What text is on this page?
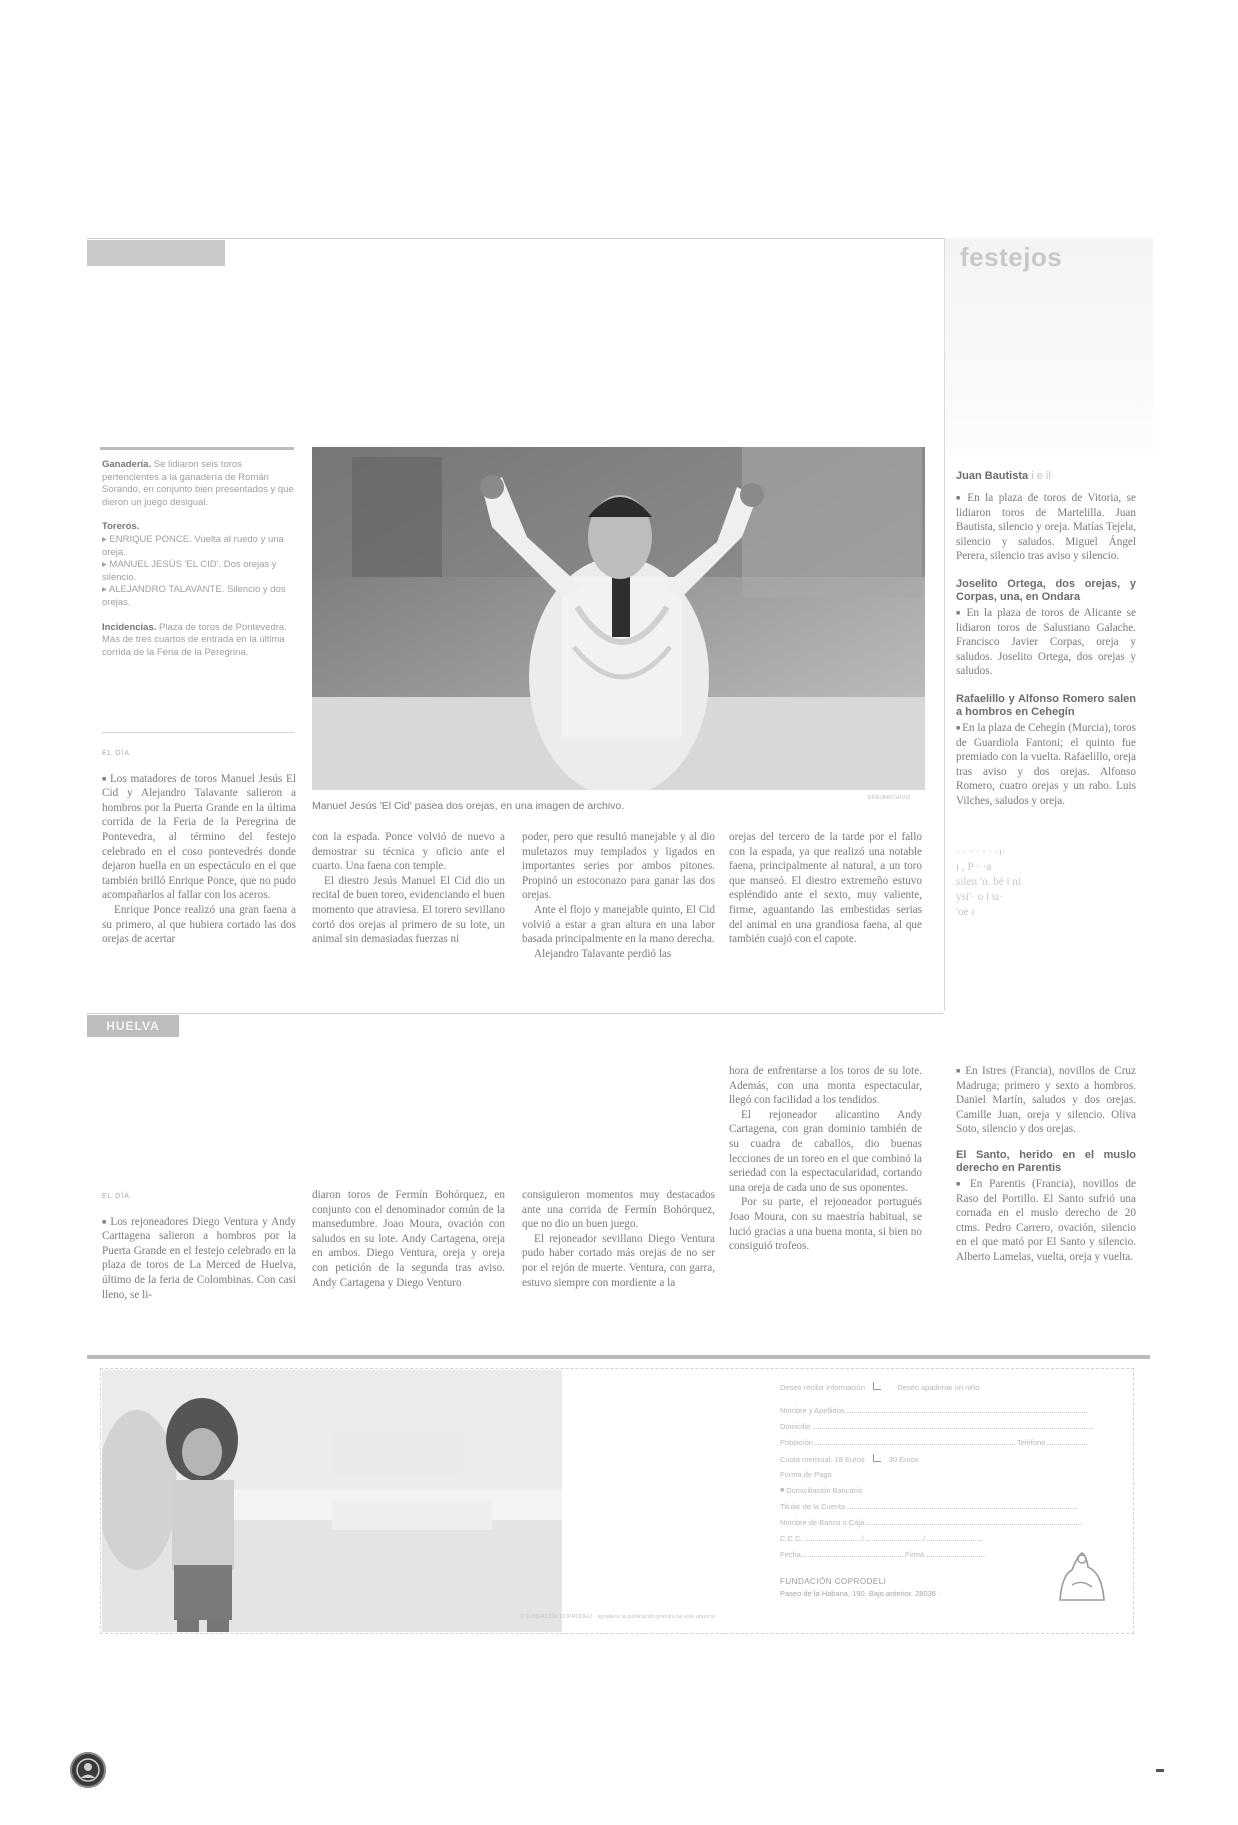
festejos
Ganadería. Se lidiaron seis toros pertencientes a la ganadería de Román Sorando, en conjunto bien presentados y que dieron un juego desigual.
Toreros.
▸ ENRIQUE PONCE. Vuelta al ruedo y una oreja.
▸ MANUEL JESÚS 'EL CID'. Dos orejas y silencio.
▸ ALEJANDRO TALAVANTE. Silencio y dos orejas.
Incidencias. Plaza de toros de Pontevedra. Más de tres cuartos de entrada en la última corrida de la Feria de la Peregrina.
Manuel Jesús 'El Cid' pasea dos orejas, en una imagen de archivo.
EFE/ARCHIVO
EL DÍA

■ Los matadores de toros Manuel Jesús El Cid y Alejandro Talavante salieron a hombros por la Puerta Grande en la última corrida de la Feria de la Peregrina de Pontevedra, al término del festejo celebrado en el coso pontevedrés donde dejaron huella en un espectáculo en el que también brilló Enrique Ponce, que no pudo acompañarlos al fallar con los aceros.

Enrique Ponce realizó una gran faena a su primero, al que hubiera cortado las dos orejas de acertar

con la espada. Ponce volvió de nuevo a demostrar su técnica y oficio ante el cuarto. Una faena con temple.

El diestro Jesús Manuel El Cid dio un recital de buen toreo, evidenciando el buen momento que atraviesa. El torero sevillano cortó dos orejas al primero de su lote, un animal sin demasiadas fuerzas ni

poder, pero que resultó manejable y al dio muletazos muy templados y ligados en importantes series por ambos pitones. Propinó un estoconazo para ganar las dos orejas.

Ante el flojo y manejable quinto, El Cid volvió a estar a gran altura en una labor basada principalmente en la mano derecha.

Alejandro Talavante perdió las

orejas del tercero de la tarde por el fallo con la espada, ya que realizó una notable faena, principalmente al natural, a un toro que manseó. El diestro extremeño estuvo espléndido ante el sexto, muy valiente, firme, aguantando las embestidas serias del animal en una grandiosa faena, al que también cuajó con el capote.

Juan Bautista i e il·

■ En la plaza de toros de Vitoria, se lidiaron toros de Martelilla. Juan Bautista, silencio y oreja. Matías Tejela, silencio y saludos. Miguel Ángel Perera, silencio tras aviso y silencio.

Joselito Ortega, dos orejas, y Corpas, una, en Ondara

■ En la plaza de toros de Alicante se lidiaron toros de Salustiano Galache. Francisco Javier Corpas, oreja y saludos. Joselito Ortega, dos orejas y saludos.

Rafaelillo y Alfonso Romero salen a hombros en Cehegín

■ En la plaza de Cehegín (Murcia), toros de Guardiola Fantoni; el quinto fue premiado con la vuelta. Rafaelillo, oreja tras aviso y dos orejas. Alfonso Romero, cuatro orejas y un rabo. Luis Vilches, saludos y oreja.

· · · · · · ·ı·
ı , P · ·a
silen 'o. bé i ni
ysi'· o i sı·
'oe ı
HUELVA
EL DÍA

■ Los rejoneadores Diego Ventura y Andy Carttagena salieron a hombros por la Puerta Grande en el festejo celebrado en la plaza de toros de La Merced de Huelva, último de la feria de Colombinas. Con casi lleno, se li-

diaron toros de Fermín Bohórquez, en conjunto con el denominador común de la mansedumbre. Joao Moura, ovación con saludos en su lote. Andy Cartagena, oreja en ambos. Diego Ventura, oreja y oreja con petición de la segunda tras aviso. Andy Cartagena y Diego Venturo

consiguieron momentos muy destacados ante una corrida de Fermín Bohórquez, que no dio un buen juego.

El rejoneador sevillano Diego Ventura pudo haber cortado más orejas de no ser por el rejón de muerte. Ventura, con garra, estuvo siempre con mordiente a la

hora de enfrentarse a los toros de su lote. Además, con una monta espectacular, llegó con facilidad a los tendidos.

El rejoneador alicantino Andy Cartagena, con gran dominio también de su cuadra de caballos, dio buenas lecciones de un toreo en el que combinó la seriedad con la espectacularidad, cortando una oreja de cada uno de sus oponentes.

Por su parte, el rejoneador portugués Joao Moura, con su maestría habitual, se lució gracias a una buena monta, si bien no consiguió trofeos.

■ En Istres (Francia), novillos de Cruz Madruga; primero y sexto a hombros. Daniel Martín, saludos y dos orejas. Camille Juan, oreja y silencio. Oliva Soto, silencio y dos orejas.

El Santo, herido en el muslo derecho en Parentis

■ En Parentis (Francia), novillos de Raso del Portillo. El Santo sufrió una cornada en el muslo derecho de 20 ctms. Pedro Carrero, ovación, silencio en el que mató por El Santo y silencio. Alberto Lamelas, vuelta, oreja y vuelta.

Deseo recibir información	Deseo apadrinar un niño
Nombre y Apellidos
Domicilio
Población	Teléfono
Cuota mensual: 18 Euros	30 Euros
Forma de Pago
■ Domiciliación Bancaria
Titular de la Cuenta
Nombre de Banco o Caja
C.C.C.	/	/
Fecha	Firma
FUNDACIÓN COPRODELI
Paseo de la Habana, 190. Bajo anterior. 28036 ·
© FUNDACIÓN COPRODELI · agradece la publicación gratuita de este anuncio
